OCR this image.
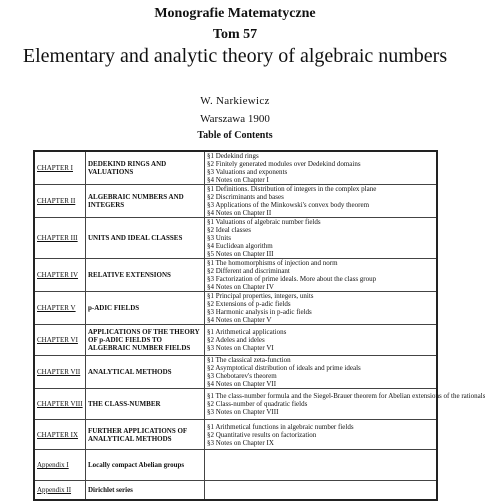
Monografie Matematyczne
Tom 57
Elementary and analytic theory of algebraic numbers
W. Narkiewicz
Warszawa 1900
Table of Contents
CHAPTER I	DEDEKIND RINGS AND VALUATIONS	§1 Dedekind rings
§2 Finitely generated modules over Dedekind domains
§3 Valuations and exponents
§4 Notes on Chapter I

CHAPTER II	ALGEBRAIC NUMBERS AND INTEGERS	§1 Definitions. Distribution of integers in the complex plane
§2 Discriminants and bases
§3 Applications of the Minkowski's convex body theorem
§4 Notes on Chapter II

CHAPTER III	UNITS AND IDEAL CLASSES	§1 Valuations of algebraic number fields
§2 Ideal classes
§3 Units
§4 Euclidean algorithm
§5 Notes on Chapter III

CHAPTER IV	RELATIVE EXTENSIONS	§1 The homomorphisms of injection and norm
§2 Different and discriminant
§3 Factorization of prime ideals. More about the class group
§4 Notes on Chapter IV

CHAPTER V	p-ADIC FIELDS	§1 Principal properties, integers, units
§2 Extensions of p-adic fields
§3 Harmonic analysis in p-adic fields
§4 Notes on Chapter V

CHAPTER VI	APPLICATIONS OF THE THEORY OF p-ADIC FIELDS TO ALGEBRAIC NUMBER FIELDS	§1 Arithmetical applications
§2 Adeles and ideles
§3 Notes on Chapter VI

CHAPTER VII	ANALYTICAL METHODS	§1 The classical zeta-function
§2 Asymptotical distribution of ideals and prime ideals
§3 Chebotarev's theorem
§4 Notes on Chapter VII

CHAPTER VIII	THE CLASS-NUMBER	§1 The class-number formula and the Siegel-Brauer theorem for Abelian extensions of the rationals
§2 Class-number of quadratic fields
§3 Notes on Chapter VIII

CHAPTER IX	FURTHER APPLICATIONS OF ANALYTICAL METHODS	§1 Arithmetical functions in algebraic number fields
§2 Quantitative results on factorization
§3 Notes on Chapter IX

Appendix I	Locally compact Abelian groups	
Appendix II	Dirichlet series	
